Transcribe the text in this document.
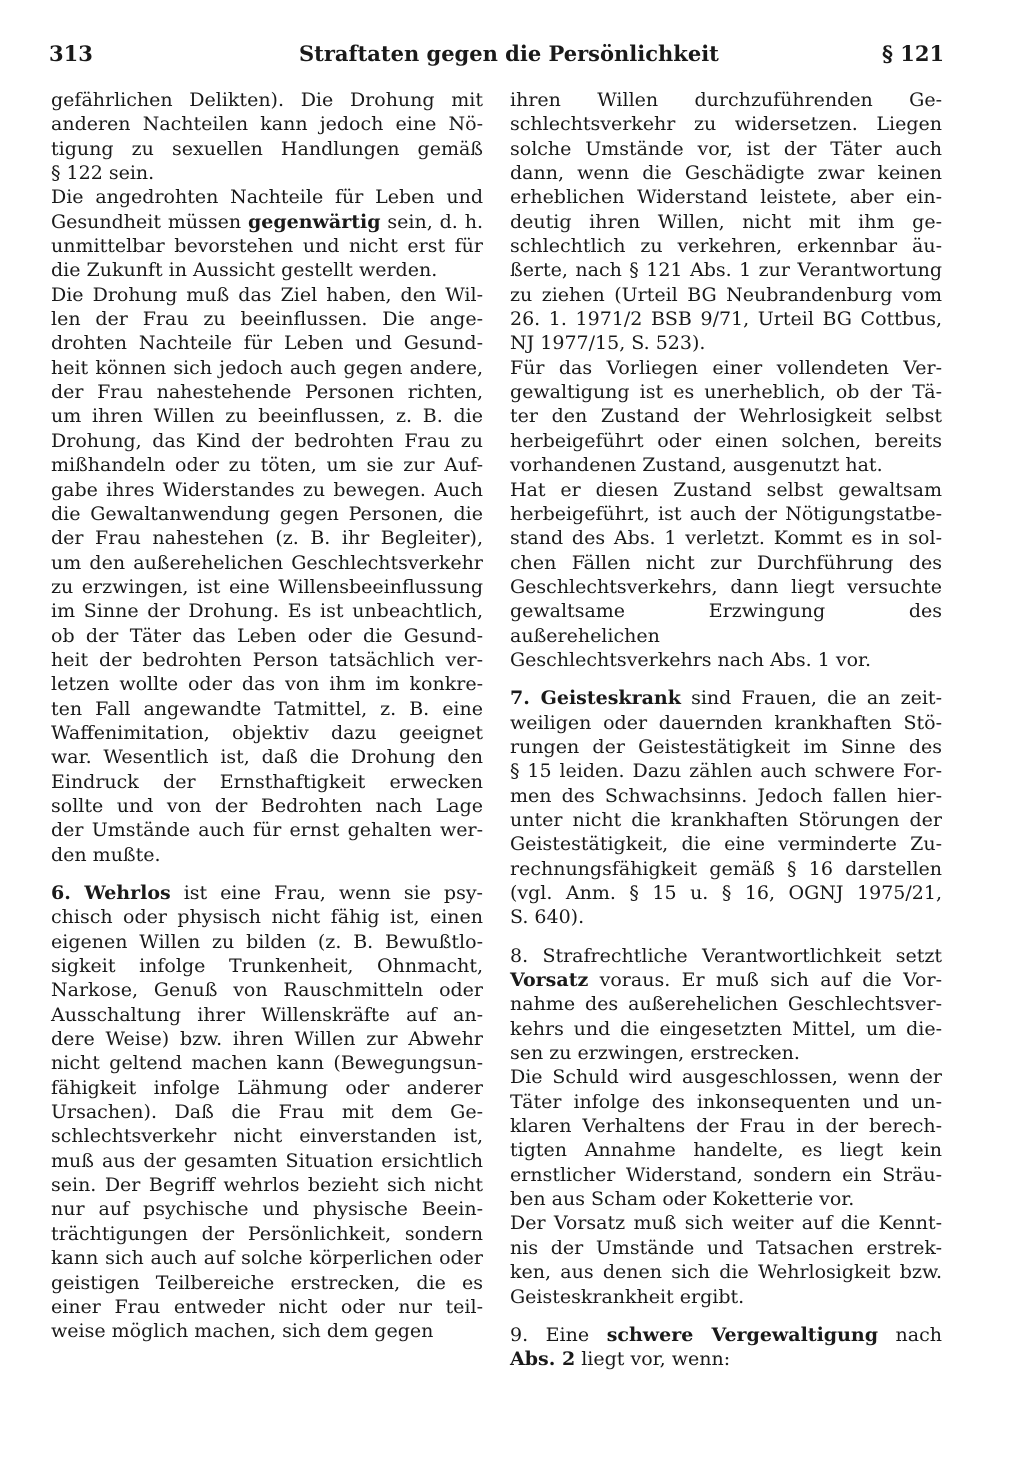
313	Straftaten gegen die Persönlichkeit	§ 121

gefährlichen Delikten). Die Drohung mit
anderen Nachteilen kann jedoch eine Nö-
tigung zu sexuellen Handlungen gemäß
§ 122 sein.

Die angedrohten Nachteile für Leben und
Gesundheit müssen gegenwärtig sein, d. h.
unmittelbar bevorstehen und nicht erst für
die Zukunft in Aussicht gestellt werden.

Die Drohung muß das Ziel haben, den Wil-
len der Frau zu beeinflussen. Die ange-
drohten Nachteile für Leben und Gesund-
heit können sich jedoch auch gegen andere,
der Frau nahestehende Personen richten,
um ihren Willen zu beeinflussen, z. B. die
Drohung, das Kind der bedrohten Frau zu
mißhandeln oder zu töten, um sie zur Auf-
gabe ihres Widerstandes zu bewegen. Auch
die Gewaltanwendung gegen Personen, die
der Frau nahestehen (z. B. ihr Begleiter),
um den außerehelichen Geschlechtsverkehr
zu erzwingen, ist eine Willensbeeinflussung
im Sinne der Drohung. Es ist unbeachtlich,
ob der Täter das Leben oder die Gesund-
heit der bedrohten Person tatsächlich ver-
letzen wollte oder das von ihm im konkre-
ten Fall angewandte Tatmittel, z. B. eine
Waffenimitation, objektiv dazu geeignet
war. Wesentlich ist, daß die Drohung den
Eindruck der Ernsthaftigkeit erwecken
sollte und von der Bedrohten nach Lage
der Umstände auch für ernst gehalten wer-
den mußte.

6. Wehrlos ist eine Frau, wenn sie psy-
chisch oder physisch nicht fähig ist, einen
eigenen Willen zu bilden (z. B. Bewußtlo-
sigkeit infolge Trunkenheit, Ohnmacht,
Narkose, Genuß von Rauschmitteln oder
Ausschaltung ihrer Willenskräfte auf an-
dere Weise) bzw. ihren Willen zur Abwehr
nicht geltend machen kann (Bewegungsun-
fähigkeit infolge Lähmung oder anderer
Ursachen). Daß die Frau mit dem Ge-
schlechtsverkehr nicht einverstanden ist,
muß aus der gesamten Situation ersichtlich
sein. Der Begriff wehrlos bezieht sich nicht
nur auf psychische und physische Beein-
trächtigungen der Persönlichkeit, sondern
kann sich auch auf solche körperlichen oder
geistigen Teilbereiche erstrecken, die es
einer Frau entweder nicht oder nur teil-
weise möglich machen, sich dem gegen

ihren Willen durchzuführenden Ge-
schlechtsverkehr zu widersetzen. Liegen
solche Umstände vor, ist der Täter auch
dann, wenn die Geschädigte zwar keinen
erheblichen Widerstand leistete, aber ein-
deutig ihren Willen, nicht mit ihm ge-
schlechtlich zu verkehren, erkennbar äu-
ßerte, nach § 121 Abs. 1 zur Verantwortung
zu ziehen (Urteil BG Neubrandenburg vom
26. 1. 1971/2 BSB 9/71, Urteil BG Cottbus,
NJ 1977/15, S. 523).

Für das Vorliegen einer vollendeten Ver-
gewaltigung ist es unerheblich, ob der Tä-
ter den Zustand der Wehrlosigkeit selbst
herbeigeführt oder einen solchen, bereits
vorhandenen Zustand, ausgenutzt hat.

Hat er diesen Zustand selbst gewaltsam
herbeigeführt, ist auch der Nötigungstatbe-
stand des Abs. 1 verletzt. Kommt es in sol-
chen Fällen nicht zur Durchführung des
Geschlechtsverkehrs, dann liegt versuchte
gewaltsame Erzwingung des außerehelichen
Geschlechtsverkehrs nach Abs. 1 vor.

7. Geisteskrank sind Frauen, die an zeit-
weiligen oder dauernden krankhaften Stö-
rungen der Geistestätigkeit im Sinne des
§ 15 leiden. Dazu zählen auch schwere For-
men des Schwachsinns. Jedoch fallen hier-
unter nicht die krankhaften Störungen der
Geistestätigkeit, die eine verminderte Zu-
rechnungsfähigkeit gemäß § 16 darstellen
(vgl. Anm. § 15 u. § 16, OGNJ 1975/21,
S. 640).

8. Strafrechtliche Verantwortlichkeit setzt
Vorsatz voraus. Er muß sich auf die Vor-
nahme des außerehelichen Geschlechtsver-
kehrs und die eingesetzten Mittel, um die-
sen zu erzwingen, erstrecken.

Die Schuld wird ausgeschlossen, wenn der
Täter infolge des inkonsequenten und un-
klaren Verhaltens der Frau in der berech-
tigten Annahme handelte, es liegt kein
ernstlicher Widerstand, sondern ein Sträu-
ben aus Scham oder Koketterie vor.

Der Vorsatz muß sich weiter auf die Kennt-
nis der Umstände und Tatsachen erstrek-
ken, aus denen sich die Wehrlosigkeit bzw.
Geisteskrankheit ergibt.

9. Eine schwere Vergewaltigung nach
Abs. 2 liegt vor, wenn:
